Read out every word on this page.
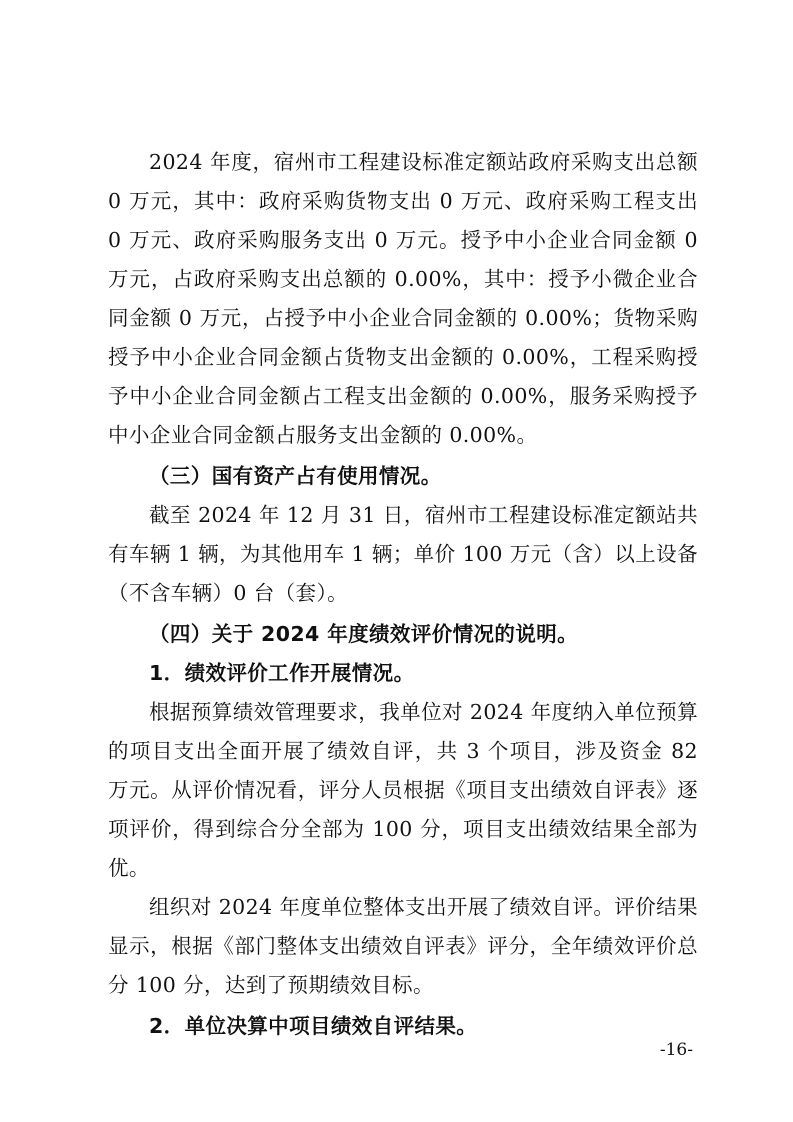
2024 年度，宿州市工程建设标准定额站政府采购支出总额 0 万元，其中：政府采购货物支出 0 万元、政府采购工程支出 0 万元、政府采购服务支出 0 万元。授予中小企业合同金额 0 万元，占政府采购支出总额的 0.00%，其中：授予小微企业合同金额 0 万元，占授予中小企业合同金额的 0.00%；货物采购授予中小企业合同金额占货物支出金额的 0.00%，工程采购授予中小企业合同金额占工程支出金额的 0.00%，服务采购授予中小企业合同金额占服务支出金额的 0.00%。

（三）国有资产占有使用情况。

截至 2024 年 12 月 31 日，宿州市工程建设标准定额站共有车辆 1 辆，为其他用车 1 辆；单价 100 万元（含）以上设备（不含车辆）0 台（套）。

（四）关于 2024 年度绩效评价情况的说明。

1．绩效评价工作开展情况。

根据预算绩效管理要求，我单位对 2024 年度纳入单位预算的项目支出全面开展了绩效自评，共 3 个项目，涉及资金 82 万元。从评价情况看，评分人员根据《项目支出绩效自评表》逐项评价，得到综合分全部为 100 分，项目支出绩效结果全部为优。

组织对 2024 年度单位整体支出开展了绩效自评。评价结果显示，根据《部门整体支出绩效自评表》评分，全年绩效评价总分 100 分，达到了预期绩效目标。

2．单位决算中项目绩效自评结果。

-16-
